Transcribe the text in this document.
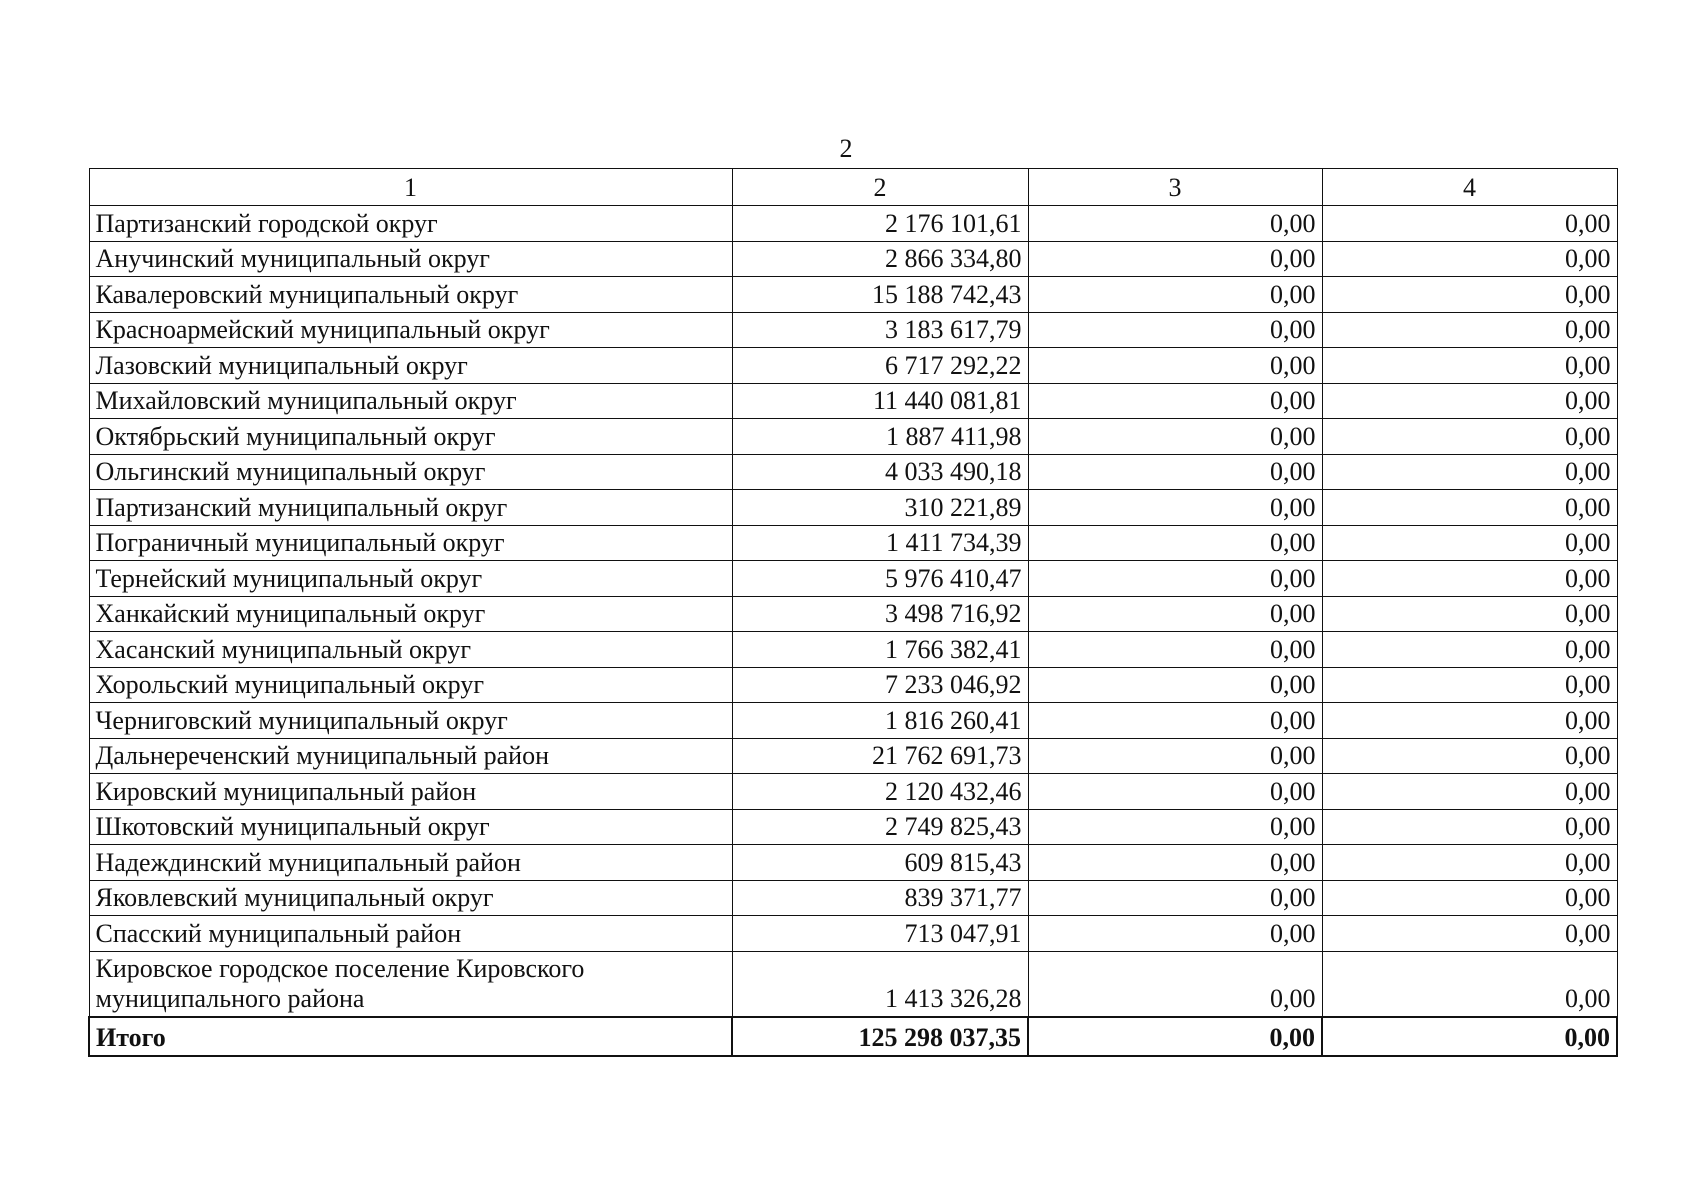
2
1	2	3	4
Партизанский городской округ	2 176 101,61	0,00	0,00
Анучинский муниципальный округ	2 866 334,80	0,00	0,00
Кавалеровский муниципальный округ	15 188 742,43	0,00	0,00
Красноармейский муниципальный округ	3 183 617,79	0,00	0,00
Лазовский муниципальный округ	6 717 292,22	0,00	0,00
Михайловский муниципальный округ	11 440 081,81	0,00	0,00
Октябрьский муниципальный округ	1 887 411,98	0,00	0,00
Ольгинский муниципальный округ	4 033 490,18	0,00	0,00
Партизанский муниципальный округ	310 221,89	0,00	0,00
Пограничный муниципальный округ	1 411 734,39	0,00	0,00
Тернейский муниципальный округ	5 976 410,47	0,00	0,00
Ханкайский муниципальный округ	3 498 716,92	0,00	0,00
Хасанский муниципальный округ	1 766 382,41	0,00	0,00
Хорольский муниципальный округ	7 233 046,92	0,00	0,00
Черниговский муниципальный округ	1 816 260,41	0,00	0,00
Дальнереченский муниципальный район	21 762 691,73	0,00	0,00
Кировский муниципальный район	2 120 432,46	0,00	0,00
Шкотовский муниципальный округ	2 749 825,43	0,00	0,00
Надеждинский муниципальный район	609 815,43	0,00	0,00
Яковлевский муниципальный округ	839 371,77	0,00	0,00
Спасский муниципальный район	713 047,91	0,00	0,00
Кировское городское поселение Кировского муниципального района	1 413 326,28	0,00	0,00
Итого	125 298 037,35	0,00	0,00
